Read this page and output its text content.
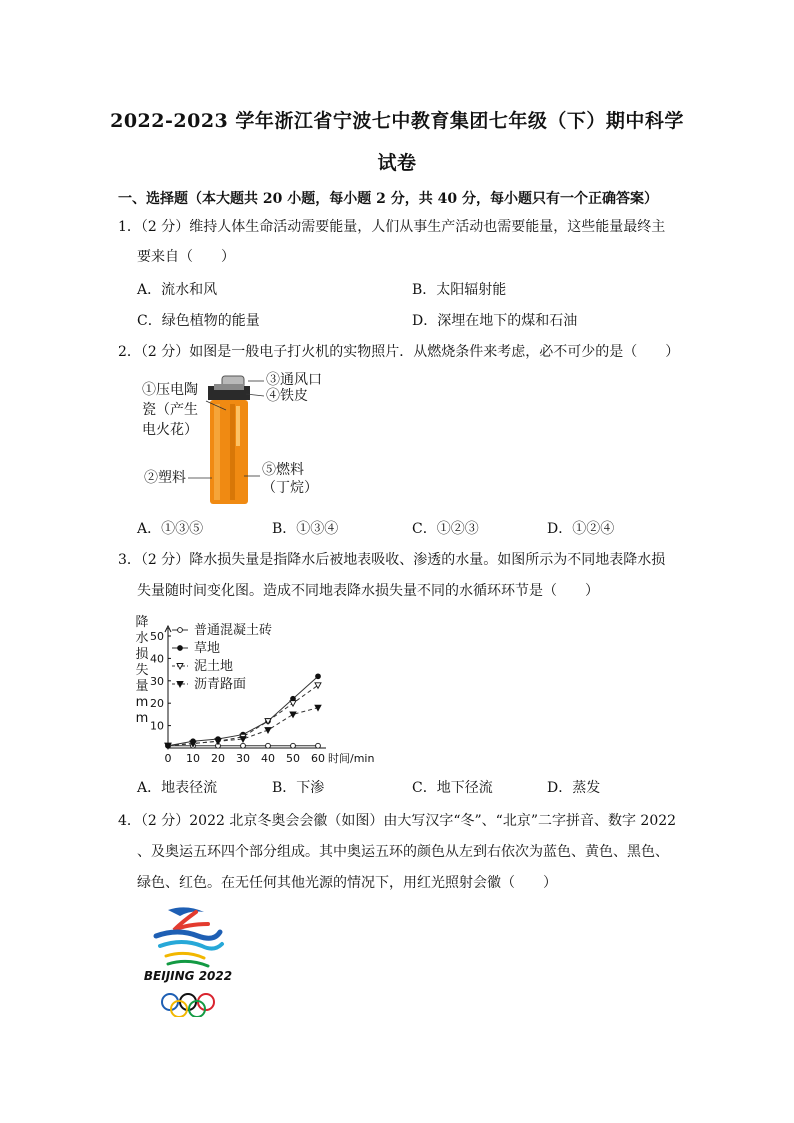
2022-2023 学年浙江省宁波七中教育集团七年级（下）期中科学
试卷
一、选择题（本大题共 20 小题，每小题 2 分，共 40 分，每小题只有一个正确答案）
1．（2 分）维持人体生命活动需要能量，人们从事生产活动也需要能量，这些能量最终主
要来自（　　）
A．流水和风	B．太阳辐射能
C．绿色植物的能量	D．深埋在地下的煤和石油
2．（2 分）如图是一般电子打火机的实物照片．从燃烧条件来考虑，必不可少的是（　　）
①压电陶
瓷（产生
电火花）
②塑料
③通风口
④铁皮
⑤燃料
（丁烷）
A．①③⑤	B．①③④	C．①②③	D．①②④
3．（2 分）降水损失量是指降水后被地表吸收、渗透的水量。如图所示为不同地表降水损
失量随时间变化图。造成不同地表降水损失量不同的水循环环节是（　　）
0 10 20 30 40 50 60
10
20
30
40
50
时间/min
降
水
损
失
量
m
m
普通混凝土砖
草地
泥土地
沥青路面
A．地表径流	B．下渗	C．地下径流	D．蒸发
4．（2 分）2022 北京冬奥会会徽（如图）由大写汉字“冬”、“北京”二字拼音、数字 2022
、及奥运五环四个部分组成。其中奥运五环的颜色从左到右依次为蓝色、黄色、黑色、
绿色、红色。在无任何其他光源的情况下，用红光照射会徽（　　）
BEIJING 2022
